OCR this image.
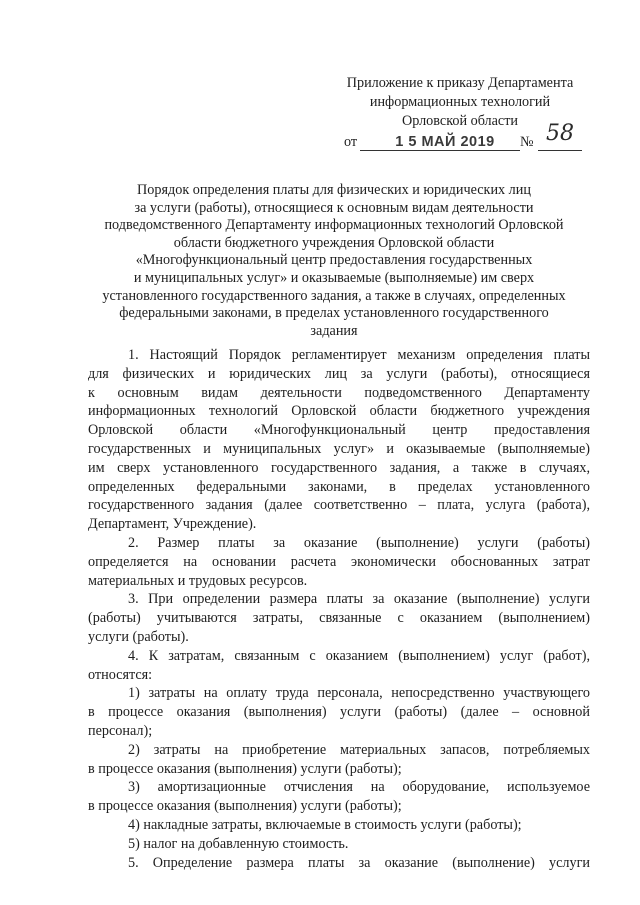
Приложение к приказу Департамента
информационных технологий
Орловской области
от	1 5 МАЙ 2019	№ 58
Порядок определения платы для физических и юридических лиц
за услуги (работы), относящиеся к основным видам деятельности
подведомственного Департаменту информационных технологий Орловской
области бюджетного учреждения Орловской области
«Многофункциональный центр предоставления государственных
и муниципальных услуг» и оказываемые (выполняемые) им сверх
установленного государственного задания, а также в случаях, определенных
федеральными законами, в пределах установленного государственного
задания
1. Настоящий Порядок регламентирует механизм определения платы
для физических и юридических лиц за услуги (работы), относящиеся
к основным видам деятельности подведомственного Департаменту
информационных технологий Орловской области бюджетного учреждения
Орловской области «Многофункциональный центр предоставления
государственных и муниципальных услуг» и оказываемые (выполняемые)
им сверх установленного государственного задания, а также в случаях,
определенных федеральными законами, в пределах установленного
государственного задания (далее соответственно – плата, услуга (работа),
Департамент, Учреждение).
2. Размер платы за оказание (выполнение) услуги (работы)
определяется на основании расчета экономически обоснованных затрат
материальных и трудовых ресурсов.
3. При определении размера платы за оказание (выполнение) услуги
(работы) учитываются затраты, связанные с оказанием (выполнением)
услуги (работы).
4. К затратам, связанным с оказанием (выполнением) услуг (работ),
относятся:
1) затраты на оплату труда персонала, непосредственно участвующего
в процессе оказания (выполнения) услуги (работы) (далее – основной
персонал);
2) затраты на приобретение материальных запасов, потребляемых
в процессе оказания (выполнения) услуги (работы);
3) амортизационные отчисления на оборудование, используемое
в процессе оказания (выполнения) услуги (работы);
4) накладные затраты, включаемые в стоимость услуги (работы);
5) налог на добавленную стоимость.
5. Определение размера платы за оказание (выполнение) услуги
